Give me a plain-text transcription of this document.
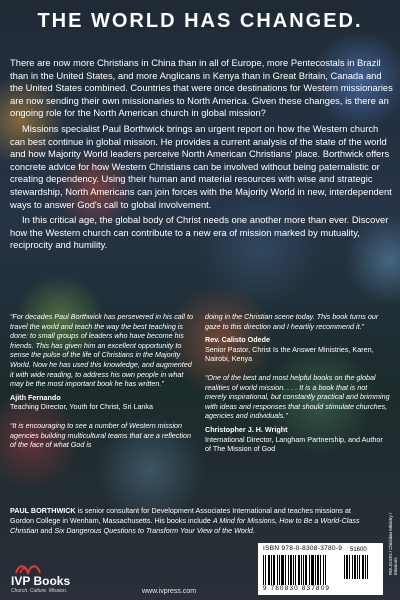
THE WORLD HAS CHANGED.

There are now more Christians in China than in all of Europe, more Pentecostals in Brazil than in the United States, and more Anglicans in Kenya than in Great Britain, Canada and the United States combined. Countries that were once destinations for Western missionaries are now sending their own missionaries to North America. Given these changes, is there an ongoing role for the North American church in global mission?

Missions specialist Paul Borthwick brings an urgent report on how the Western church can best continue in global mission. He provides a current analysis of the state of the world and how Majority World leaders perceive North American Christians' place. Borthwick offers concrete advice for how Western Christians can be involved without being paternalistic or creating dependency. Using their human and material resources with wise and strategic stewardship, North Americans can join forces with the Majority World in new, interdependent ways to answer God's call to global involvement.

In this critical age, the global body of Christ needs one another more than ever. Discover how the Western church can contribute to a new era of mission marked by mutuality, reciprocity and humility.

“For decades Paul Borthwick has persevered in his call to travel the world and teach the way the best teaching is done: to small groups of leaders who have become his friends. This has given him an excellent opportunity to sense the pulse of the life of Christians in the Majority World. Now he has used this knowledge, and augmented it with wide reading, to address his own people in what may be the most important book he has written.”

Ajith Fernando

Teaching Director, Youth for Christ, Sri Lanka

“It is encouraging to see a number of Western mission agencies building multicultural teams that are a reflection of the face of what God is

doing in the Christian scene today. This book turns our gaze to this direction and I heartily recommend it.”

Rev. Calisto Odede

Senior Pastor, Christ Is the Answer Ministries, Karen, Nairobi, Kenya

“One of the best and most helpful books on the global realities of world mission. . . . It is a book that is not merely inspirational, but constantly practical and brimming with ideas and responses that should stimulate churches, agencies and individuals.”

Christopher J. H. Wright

International Director, Langham Partnership, and Author of The Mission of God

PAUL BORTHWICK is senior consultant for Development Associates International and teaches missions at Gordon College in Wenham, Massachusetts. His books include A Mind for Missions, How to Be a World-Class Christian and Six Dangerous Questions to Transform Your View of the World.	RELIGION / Christian Ministry / Missions
ISBN 978-0-8308-3780-9 51600
9 780830 837809
IVP Books
Church. Culture. Mission.	www.ivpress.com
